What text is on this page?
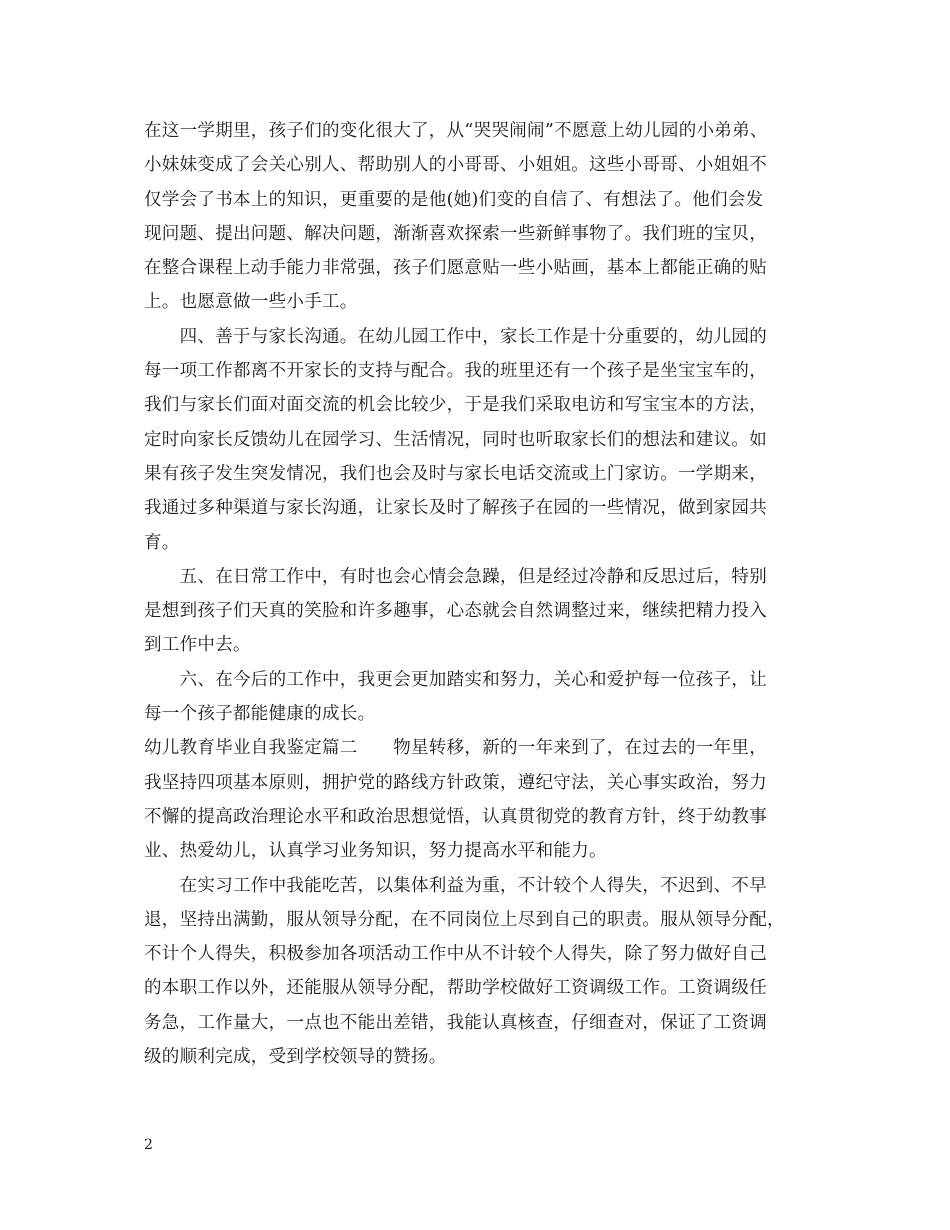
在这一学期里，孩子们的变化很大了，从“哭哭闹闹”不愿意上幼儿园的小弟弟、
小妹妹变成了会关心别人、帮助别人的小哥哥、小姐姐。这些小哥哥、小姐姐不
仅学会了书本上的知识，更重要的是他(她)们变的自信了、有想法了。他们会发
现问题、提出问题、解决问题，渐渐喜欢探索一些新鲜事物了。我们班的宝贝，
在整合课程上动手能力非常强，孩子们愿意贴一些小贴画，基本上都能正确的贴
上。也愿意做一些小手工。
　　四、善于与家长沟通。在幼儿园工作中，家长工作是十分重要的，幼儿园的
每一项工作都离不开家长的支持与配合。我的班里还有一个孩子是坐宝宝车的，
我们与家长们面对面交流的机会比较少，于是我们采取电访和写宝宝本的方法，
定时向家长反馈幼儿在园学习、生活情况，同时也听取家长们的想法和建议。如
果有孩子发生突发情况，我们也会及时与家长电话交流或上门家访。一学期来，
我通过多种渠道与家长沟通，让家长及时了解孩子在园的一些情况，做到家园共
育。
　　五、在日常工作中，有时也会心情会急躁，但是经过冷静和反思过后，特别
是想到孩子们天真的笑脸和许多趣事，心态就会自然调整过来，继续把精力投入
到工作中去。
　　六、在今后的工作中，我更会更加踏实和努力，关心和爱护每一位孩子，让
每一个孩子都能健康的成长。
幼儿教育毕业自我鉴定篇二　　物星转移，新的一年来到了，在过去的一年里，
我坚持四项基本原则，拥护党的路线方针政策，遵纪守法，关心事实政治，努力
不懈的提高政治理论水平和政治思想觉悟，认真贯彻党的教育方针，终于幼教事
业、热爱幼儿，认真学习业务知识，努力提高水平和能力。
　　在实习工作中我能吃苦，以集体利益为重，不计较个人得失，不迟到、不早
退，坚持出满勤，服从领导分配，在不同岗位上尽到自己的职责。服从领导分配，
不计个人得失，积极参加各项活动工作中从不计较个人得失，除了努力做好自己
的本职工作以外，还能服从领导分配，帮助学校做好工资调级工作。工资调级任
务急，工作量大，一点也不能出差错，我能认真核查，仔细查对，保证了工资调
级的顺利完成，受到学校领导的赞扬。
2
